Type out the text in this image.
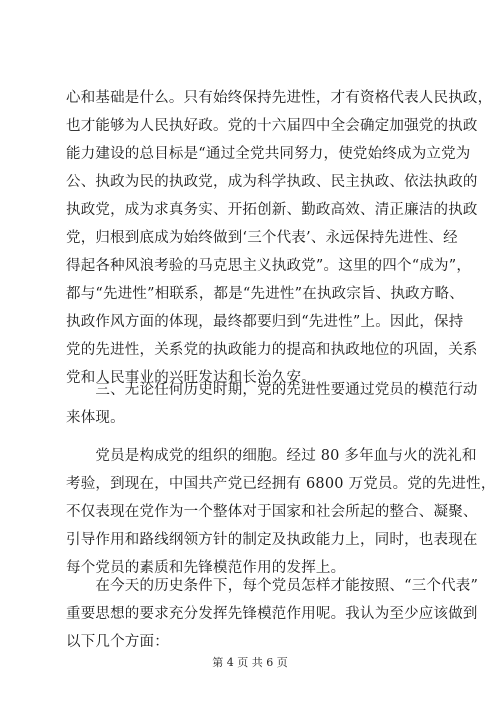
心和基础是什么。只有始终保持先进性，才有资格代表人民执政，
也才能够为人民执好政。党的十六届四中全会确定加强党的执政
能力建设的总目标是“通过全党共同努力，使党始终成为立党为
公、执政为民的执政党，成为科学执政、民主执政、依法执政的
执政党，成为求真务实、开拓创新、勤政高效、清正廉洁的执政
党，归根到底成为始终做到‘三个代表’、永远保持先进性、经
得起各种风浪考验的马克思主义执政党”。这里的四个“成为”，
都与“先进性”相联系，都是“先进性”在执政宗旨、执政方略、
执政作风方面的体现，最终都要归到“先进性”上。因此，保持
党的先进性，关系党的执政能力的提高和执政地位的巩固，关系
党和人民事业的兴旺发达和长治久安。
　　三、无论任何历史时期，党的先进性要通过党员的模范行动
来体现。
　　党员是构成党的组织的细胞。经过 80 多年血与火的洗礼和
考验，到现在，中国共产党已经拥有 6800 万党员。党的先进性，
不仅表现在党作为一个整体对于国家和社会所起的整合、凝聚、
引导作用和路线纲领方针的制定及执政能力上，同时，也表现在
每个党员的素质和先锋模范作用的发挥上。
　　在今天的历史条件下，每个党员怎样才能按照、“三个代表”
重要思想的要求充分发挥先锋模范作用呢。我认为至少应该做到
以下几个方面：
第 4 页 共 6 页
